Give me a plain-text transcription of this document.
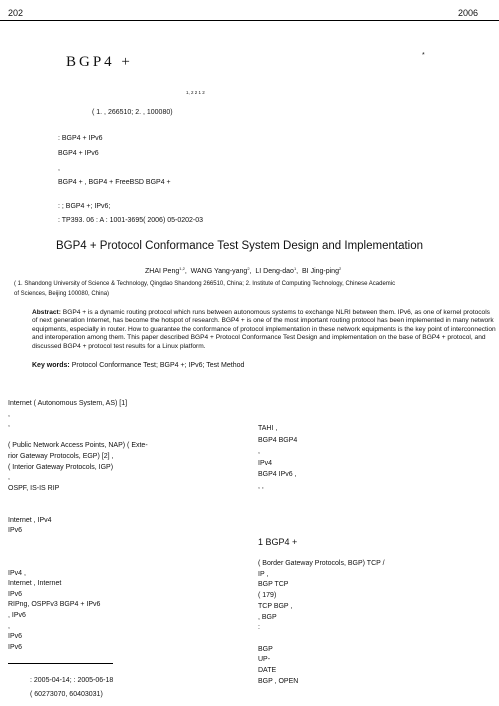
202	2006
BGP4 +	*
1, 2 2 1 2
( 1. , 266510; 2. , 100080)
: BGP4 + IPv6
BGP4 + IPv6
,
BGP4 + , BGP4 + FreeBSD BGP4 +
: ; BGP4 +; IPv6;
: TP393. 06 : A : 1001-3695( 2006) 05-0202-03
BGP4 + Protocol Conformance Test System Design and Implementation
ZHAI Peng$^{1,2}$,  WANG Yang-yang$^2$,  LI Deng-dao$^1$,  BI Jing-ping$^2$
( 1. Shandong University of Science & Technology, Qingdao Shandong 266510, China; 2. Institute of Computing Technology, Chinese Academic
of Sciences, Beijing 100080, China)
Abstract: BGP4 + is a dynamic routing protocol which runs between autonomous systems to exchange NLRI between them. IPv6, as one of kernel protocols of next generation Internet, has become the hotspot of research. BGP4 + is one of the most important routing protocol has been implemented in many network equipments, especially in router. How to guarantee the conformance of protocol implementation in these network equipments is the key point of interconnection and interoperation among them. This paper described BGP4 + Protocol Conformance Test Design and implementation on the base of BGP4 + protocol, and discussed BGP4 + protocol test results for a Linux platform.
Key words: Protocol Conformance Test; BGP4 +; IPv6; Test Method
Internet ( Autonomous System, AS) [1]
,
,
( Public Network Access Points, NAP) ( Exte-
rior Gateway Protocols, EGP) [2] ,
( Interior Gateway Protocols, IGP)
,
OSPF, IS-IS RIP
Internet , IPv4
IPv6
IPv4 ,
Internet , Internet
IPv6
RIPng, OSPFv3 BGP4 + IPv6
, IPv6
,
IPv6
IPv6
TAHI ,
BGP4 BGP4
,
IPv4
BGP4 IPv6 ,
, ,
1 BGP4 +
( Border Gateway Protocols, BGP) TCP /
IP ,
BGP TCP
( 179)
TCP BGP ,
, BGP
:
BGP
UP-
DATE
BGP , OPEN
: 2005-04-14; : 2005-06-18
( 60273070, 60403031)
